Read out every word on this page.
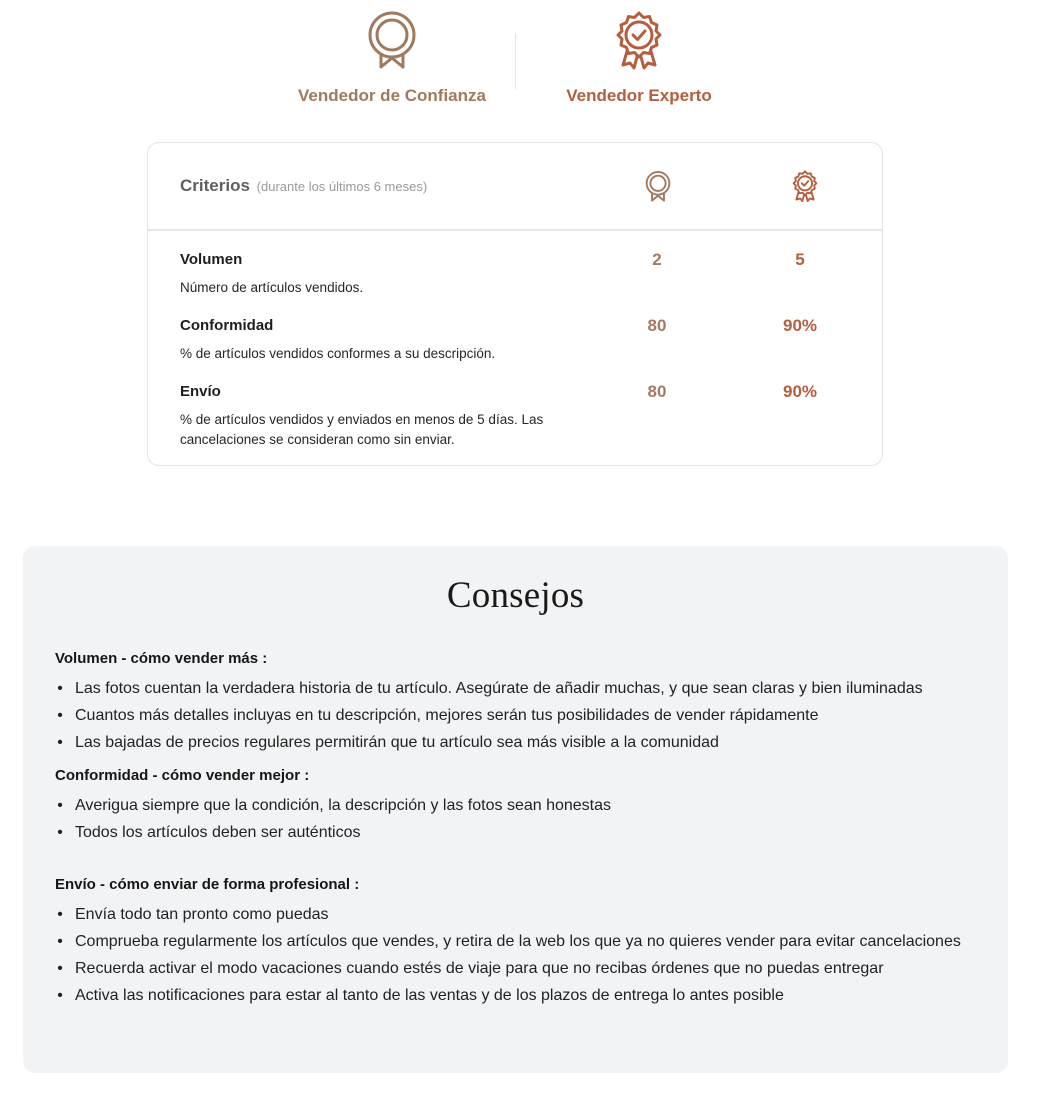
Vendedor de Confianza	Vendedor Experto
Criterios (durante los últimos 6 meses)
Volumen
Número de artículos vendidos.
2	5
Conformidad
% de artículos vendidos conformes a su descripción.
80	90%
Envío
% de artículos vendidos y enviados en menos de 5 días. Las cancelaciones se consideran como sin enviar.
80	90%
Consejos
Volumen - cómo vender más :
• Las fotos cuentan la verdadera historia de tu artículo. Asegúrate de añadir muchas, y que sean claras y bien iluminadas
• Cuantos más detalles incluyas en tu descripción, mejores serán tus posibilidades de vender rápidamente
• Las bajadas de precios regulares permitirán que tu artículo sea más visible a la comunidad
Conformidad - cómo vender mejor :
• Averigua siempre que la condición, la descripción y las fotos sean honestas
• Todos los artículos deben ser auténticos
Envío - cómo enviar de forma profesional :
• Envía todo tan pronto como puedas
• Comprueba regularmente los artículos que vendes, y retira de la web los que ya no quieres vender para evitar cancelaciones
• Recuerda activar el modo vacaciones cuando estés de viaje para que no recibas órdenes que no puedas entregar
• Activa las notificaciones para estar al tanto de las ventas y de los plazos de entrega lo antes posible
